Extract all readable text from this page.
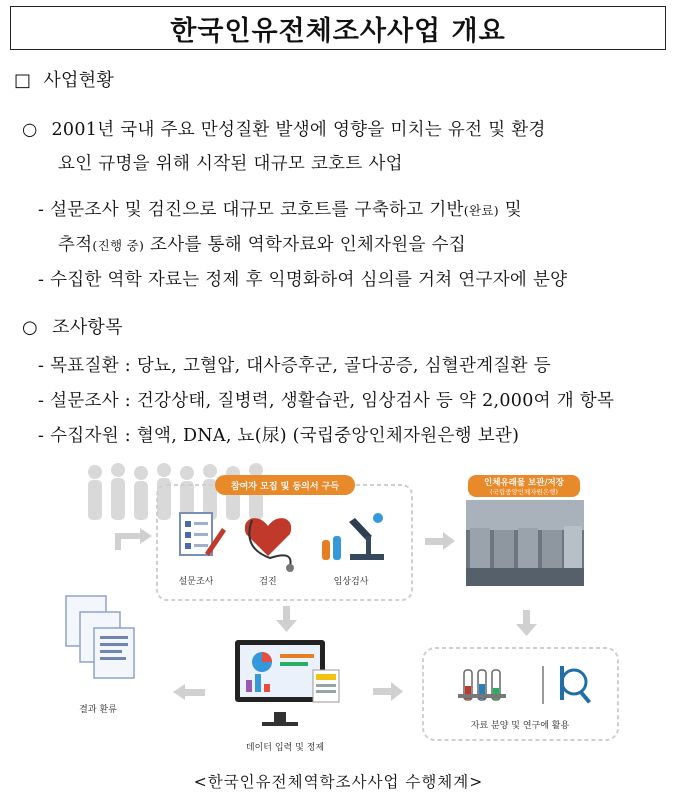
한국인유전체조사사업 개요
□ 사업현황
○ 2001년 국내 주요 만성질환 발생에 영향을 미치는 유전 및 환경
요인 규명을 위해 시작된 대규모 코호트 사업
- 설문조사 및 검진으로 대규모 코호트를 구축하고 기반(완료) 및
추적(진행 중) 조사를 통해 역학자료와 인체자원을 수집
- 수집한 역학 자료는 정제 후 익명화하여 심의를 거쳐 연구자에 분양
○ 조사항목
- 목표질환 : 당뇨, 고혈압, 대사증후군, 골다공증, 심혈관계질환 등
- 설문조사 : 건강상태, 질병력, 생활습관, 임상검사 등 약 2,000여 개 항목
- 수집자원 : 혈액, DNA, 뇨(尿) (국립중앙인체자원은행 보관)
참여자 모집 및 동의서 구득
설문조사	검진	임상검사
인체유래물 보관/저장
(국립중앙인체자원은행)
결과 환류
데이터 입력 및 정제
자료 분양 및 연구에 활용
<한국인유전체역학조사사업 수행체계>
